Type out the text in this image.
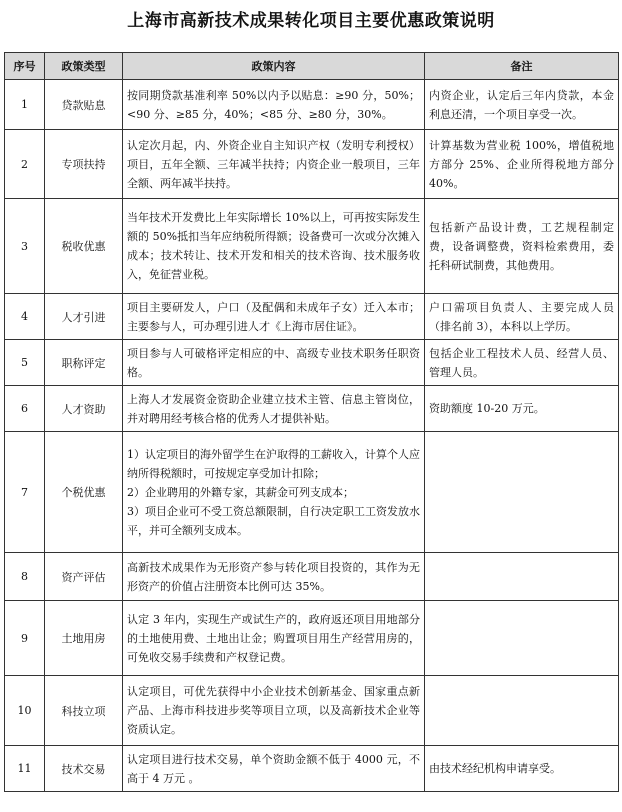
上海市高新技术成果转化项目主要优惠政策说明
序号	政策类型	政策内容	备注
1	贷款贴息	按同期贷款基准利率 50%以内予以贴息：≥90 分，50%；<90 分、≥85 分，40%；<85 分、≥80 分，30%。	内资企业，认定后三年内贷款，本金利息还清，一个项目享受一次。
2	专项扶持	认定次月起，内、外资企业自主知识产权（发明专利授权）项目，五年全额、三年减半扶持；内资企业一般项目，三年全额、两年减半扶持。	计算基数为营业税 100%，增值税地方部分 25%、企业所得税地方部分 40%。
3	税收优惠	当年技术开发费比上年实际增长 10%以上，可再按实际发生额的 50%抵扣当年应纳税所得额；设备费可一次或分次摊入成本；技术转让、技术开发和相关的技术咨询、技术服务收入，免征营业税。	包括新产品设计费，工艺规程制定费，设备调整费，资料检索费用，委托科研试制费，其他费用。
4	人才引进	项目主要研发人，户口（及配偶和未成年子女）迁入本市；主要参与人，可办理引进人才《上海市居住证》。	户口需项目负责人、主要完成人员（排名前 3），本科以上学历。
5	职称评定	项目参与人可破格评定相应的中、高级专业技术职务任职资格。	包括企业工程技术人员、经营人员、管理人员。
6	人才资助	上海人才发展资金资助企业建立技术主管、信息主管岗位，并对聘用经考核合格的优秀人才提供补贴。	资助额度 10-20 万元。
7	个税优惠	1）认定项目的海外留学生在沪取得的工薪收入，计算个人应纳所得税额时，可按规定享受加计扣除；
2）企业聘用的外籍专家，其薪金可列支成本；
3）项目企业可不受工资总额限制，自行决定职工工资发放水平，并可全额列支成本。	

8	资产评估	高新技术成果作为无形资产参与转化项目投资的，其作为无形资产的价值占注册资本比例可达 35%。	
9	土地用房	认定 3 年内，实现生产或试生产的，政府返还项目用地部分的土地使用费、土地出让金；购置项目用生产经营用房的，可免收交易手续费和产权登记费。	
10	科技立项	认定项目，可优先获得中小企业技术创新基金、国家重点新产品、上海市科技进步奖等项目立项，以及高新技术企业等资质认定。	
11	技术交易	认定项目进行技术交易，单个资助金额不低于 4000 元，不高于 4 万元 。	由技术经纪机构申请享受。
